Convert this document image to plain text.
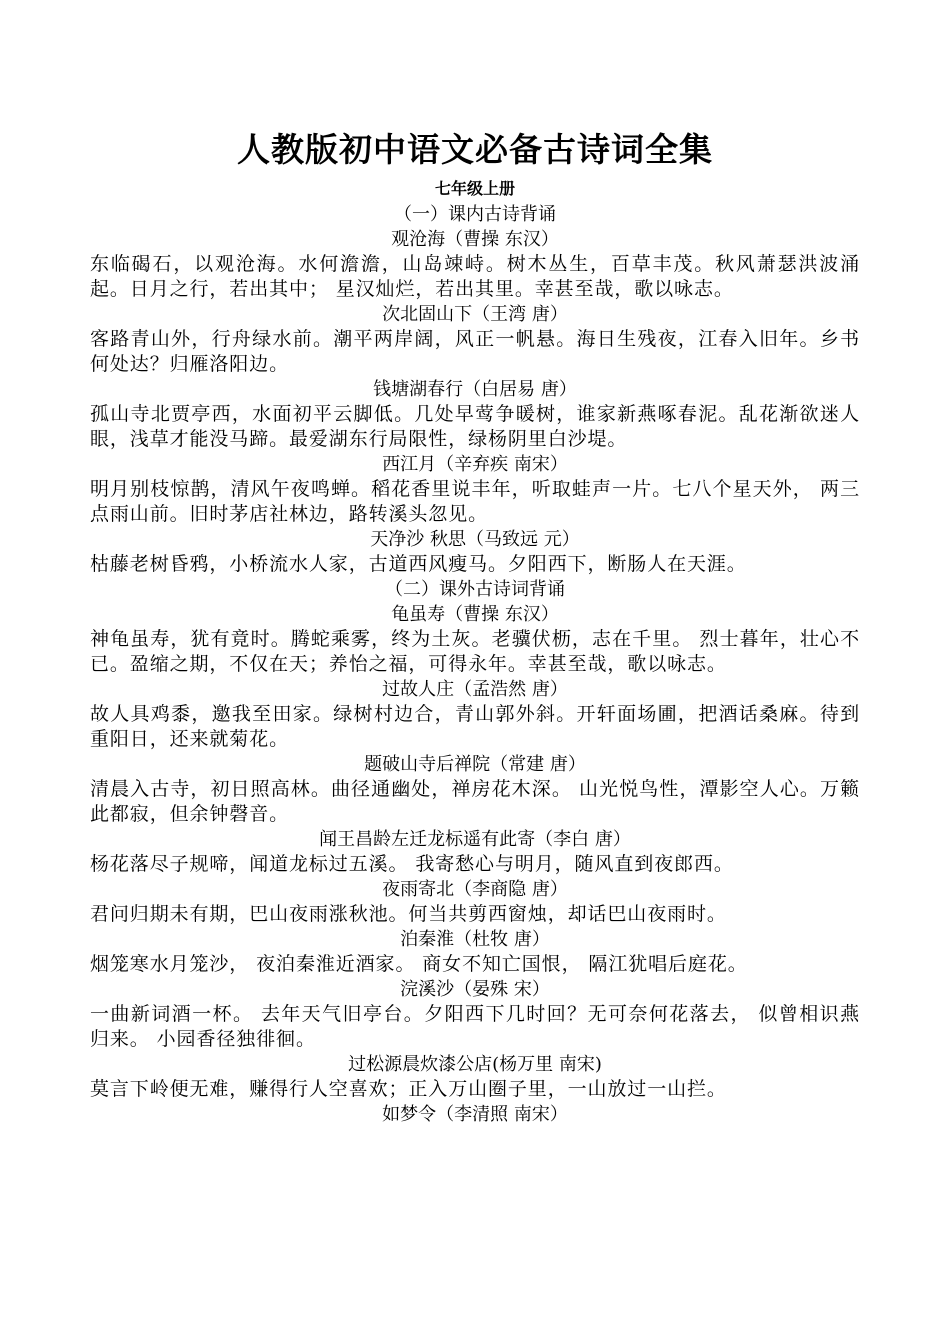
人教版初中语文必备古诗词全集
七年级上册
（一）课内古诗背诵
观沧海（曹操 东汉）
东临碣石，以观沧海。水何澹澹，山岛竦峙。树木丛生，百草丰茂。秋风萧瑟洪波涌起。日月之行，若出其中； 星汉灿烂，若出其里。幸甚至哉，歌以咏志。
次北固山下（王湾 唐）
客路青山外，行舟绿水前。潮平两岸阔，风正一帆悬。海日生残夜，江春入旧年。乡书何处达？归雁洛阳边。
钱塘湖春行（白居易 唐）
孤山寺北贾亭西，水面初平云脚低。几处早莺争暖树，谁家新燕啄春泥。乱花渐欲迷人眼，浅草才能没马蹄。最爱湖东行局限性，绿杨阴里白沙堤。
西江月（辛弃疾 南宋）
明月别枝惊鹊，清风午夜鸣蝉。稻花香里说丰年，听取蛙声一片。七八个星天外， 两三点雨山前。旧时茅店社林边，路转溪头忽见。
天净沙 秋思（马致远 元）
枯藤老树昏鸦，小桥流水人家，古道西风瘦马。夕阳西下，断肠人在天涯。
（二）课外古诗词背诵
龟虽寿（曹操 东汉）
神龟虽寿，犹有竟时。腾蛇乘雾，终为土灰。老骥伏枥，志在千里。 烈士暮年，壮心不已。盈缩之期，不仅在天；养怡之福，可得永年。幸甚至哉，歌以咏志。
过故人庄（孟浩然 唐）
故人具鸡黍，邀我至田家。绿树村边合，青山郭外斜。开轩面场圃，把酒话桑麻。待到重阳日，还来就菊花。
题破山寺后禅院（常建 唐）
清晨入古寺，初日照高林。曲径通幽处，禅房花木深。 山光悦鸟性，潭影空人心。万籁此都寂，但余钟磬音。
闻王昌龄左迁龙标遥有此寄（李白 唐）
杨花落尽子规啼，闻道龙标过五溪。 我寄愁心与明月，随风直到夜郎西。
夜雨寄北（李商隐 唐）
君问归期未有期，巴山夜雨涨秋池。何当共剪西窗烛，却话巴山夜雨时。
泊秦淮（杜牧 唐）
烟笼寒水月笼沙， 夜泊秦淮近酒家。 商女不知亡国恨， 隔江犹唱后庭花。
浣溪沙（晏殊 宋）
一曲新词酒一杯。 去年天气旧亭台。夕阳西下几时回？无可奈何花落去， 似曾相识燕归来。 小园香径独徘徊。
过松源晨炊漆公店(杨万里 南宋)
莫言下岭便无难，赚得行人空喜欢；正入万山圈子里，一山放过一山拦。
如梦令（李清照 南宋）
